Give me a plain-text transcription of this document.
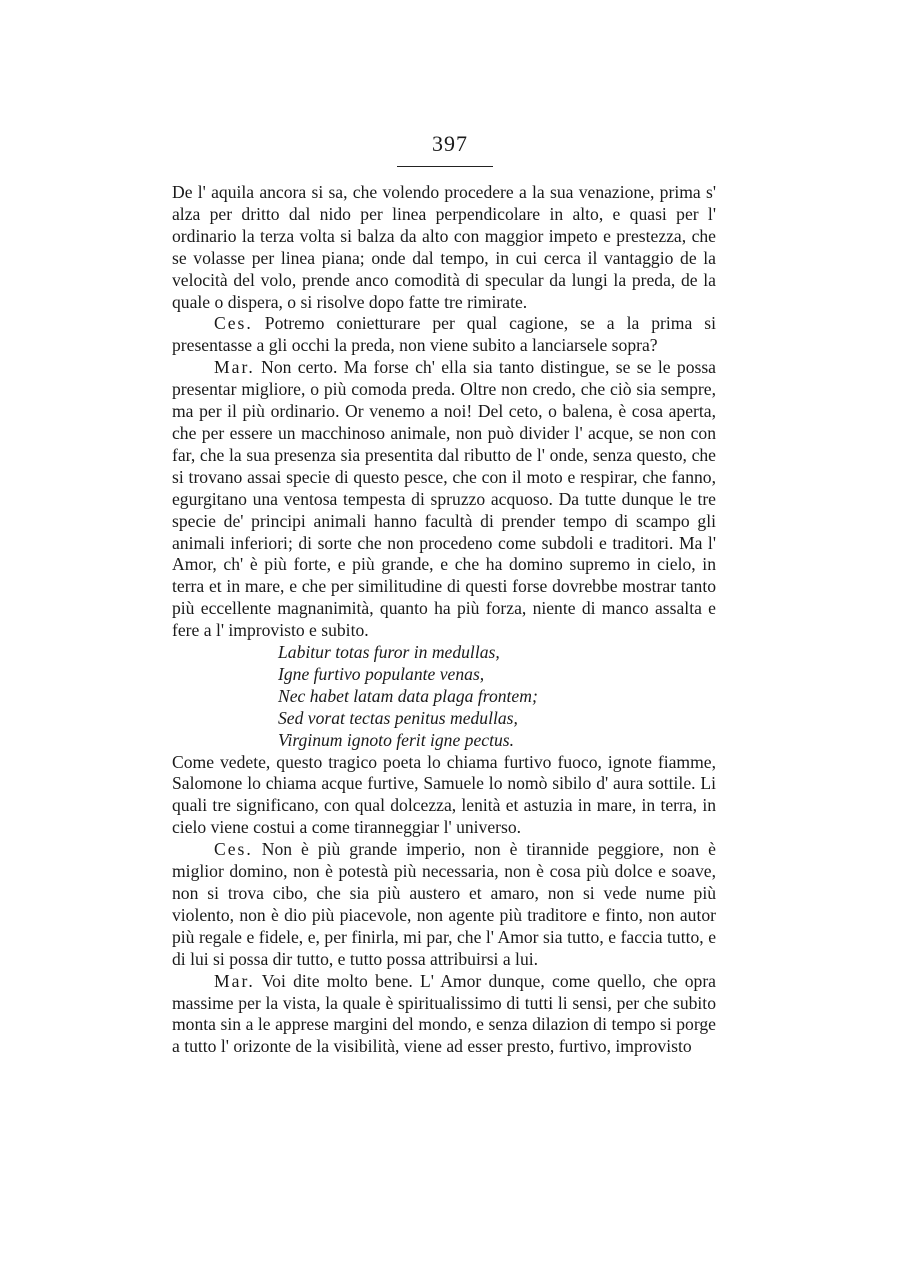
397

De l' aquila ancora si sa, che volendo procedere a la sua venazione, prima s' alza per dritto dal nido per linea perpendicolare in alto, e quasi per l' ordinario la terza volta si balza da alto con maggior impeto e prestezza, che se volasse per linea piana; onde dal tempo, in cui cerca il vantaggio de la velocità del volo, prende anco comodità di specular da lungi la preda, de la quale o dispera, o si risolve dopo fatte tre rimirate.

Ces. Potremo conietturare per qual cagione, se a la prima si presentasse a gli occhi la preda, non viene subito a lanciarsele sopra?

Mar. Non certo. Ma forse ch' ella sia tanto distingue, se se le possa presentar migliore, o più comoda preda. Oltre non credo, che ciò sia sempre, ma per il più ordinario. Or venemo a noi! Del ceto, o balena, è cosa aperta, che per essere un macchinoso animale, non può divider l' acque, se non con far, che la sua presenza sia presentita dal ributto de l' onde, senza questo, che si trovano assai specie di questo pesce, che con il moto e respirar, che fanno, egurgitano una ventosa tempesta di spruzzo acquoso. Da tutte dunque le tre specie de' principi animali hanno facultà di prender tempo di scampo gli animali inferiori; di sorte che non procedeno come subdoli e traditori. Ma l' Amor, ch' è più forte, e più grande, e che ha domino supremo in cielo, in terra et in mare, e che per similitudine di questi forse dovrebbe mostrar tanto più eccellente magnanimità, quanto ha più forza, niente di manco assalta e fere a l' improvisto e subito.

Labitur totas furor in medullas,
Igne furtivo populante venas,
Nec habet latam data plaga frontem;
Sed vorat tectas penitus medullas,
Virginum ignoto ferit igne pectus.

Come vedete, questo tragico poeta lo chiama furtivo fuoco, ignote fiamme, Salomone lo chiama acque furtive, Samuele lo nomò sibilo d' aura sottile. Li quali tre significano, con qual dolcezza, lenità et astuzia in mare, in terra, in cielo viene costui a come tiranneggiar l' universo.

Ces. Non è più grande imperio, non è tirannide peggiore, non è miglior domino, non è potestà più necessaria, non è cosa più dolce e soave, non si trova cibo, che sia più austero et amaro, non si vede nume più violento, non è dio più piacevole, non agente più traditore e finto, non autor più regale e fidele, e, per finirla, mi par, che l' Amor sia tutto, e faccia tutto, e di lui si possa dir tutto, e tutto possa attribuirsi a lui.

Mar. Voi dite molto bene. L' Amor dunque, come quello, che opra massime per la vista, la quale è spiritualissimo di tutti li sensi, per che subito monta sin a le apprese margini del mondo, e senza dilazion di tempo si porge a tutto l' orizonte de la visibilità, viene ad esser presto, furtivo, improvisto
